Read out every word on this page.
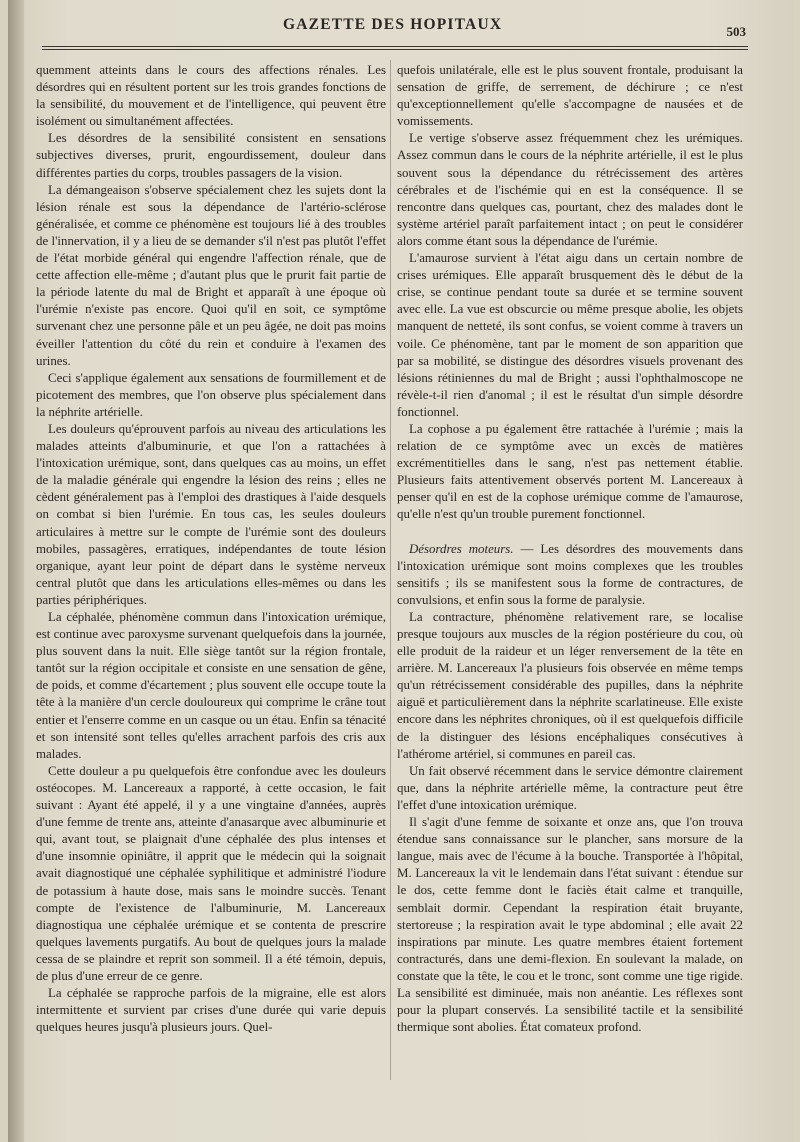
GAZETTE DES HOPITAUX	503

quemment atteints dans le cours des affections rénales. Les désordres qui en résultent portent sur les trois grandes fonctions de la sensibilité, du mouvement et de l'intelligence, qui peuvent être isolément ou simultanément affectées.

Les désordres de la sensibilité consistent en sensations subjectives diverses, prurit, engourdissement, douleur dans différentes parties du corps, troubles passagers de la vision.

La démangeaison s'observe spécialement chez les sujets dont la lésion rénale est sous la dépendance de l'artério-sclérose généralisée, et comme ce phénomène est toujours lié à des troubles de l'innervation, il y a lieu de se demander s'il n'est pas plutôt l'effet de l'état morbide général qui engendre l'affection rénale, que de cette affection elle-même ; d'autant plus que le prurit fait partie de la période latente du mal de Bright et apparaît à une époque où l'urémie n'existe pas encore. Quoi qu'il en soit, ce symptôme survenant chez une personne pâle et un peu âgée, ne doit pas moins éveiller l'attention du côté du rein et conduire à l'examen des urines.

Ceci s'applique également aux sensations de fourmillement et de picotement des membres, que l'on observe plus spécialement dans la néphrite artérielle.

Les douleurs qu'éprouvent parfois au niveau des articulations les malades atteints d'albuminurie, et que l'on a rattachées à l'intoxication urémique, sont, dans quelques cas au moins, un effet de la maladie générale qui engendre la lésion des reins ; elles ne cèdent généralement pas à l'emploi des drastiques à l'aide desquels on combat si bien l'urémie. En tous cas, les seules douleurs articulaires à mettre sur le compte de l'urémie sont des douleurs mobiles, passagères, erratiques, indépendantes de toute lésion organique, ayant leur point de départ dans le système nerveux central plutôt que dans les articulations elles-mêmes ou dans les parties périphériques.

La céphalée, phénomène commun dans l'intoxication urémique, est continue avec paroxysme survenant quelquefois dans la journée, plus souvent dans la nuit. Elle siège tantôt sur la région frontale, tantôt sur la région occipitale et consiste en une sensation de gêne, de poids, et comme d'écartement ; plus souvent elle occupe toute la tête à la manière d'un cercle douloureux qui comprime le crâne tout entier et l'enserre comme en un casque ou un étau. Enfin sa ténacité et son intensité sont telles qu'elles arrachent parfois des cris aux malades.

Cette douleur a pu quelquefois être confondue avec les douleurs ostéocopes. M. Lancereaux a rapporté, à cette occasion, le fait suivant : Ayant été appelé, il y a une vingtaine d'années, auprès d'une femme de trente ans, atteinte d'anasarque avec albuminurie et qui, avant tout, se plaignait d'une céphalée des plus intenses et d'une insomnie opiniâtre, il apprit que le médecin qui la soignait avait diagnostiqué une céphalée syphilitique et administré l'iodure de potassium à haute dose, mais sans le moindre succès. Tenant compte de l'existence de l'albuminurie, M. Lancereaux diagnostiqua une céphalée urémique et se contenta de prescrire quelques lavements purgatifs. Au bout de quelques jours la malade cessa de se plaindre et reprit son sommeil. Il a été témoin, depuis, de plus d'une erreur de ce genre.

La céphalée se rapproche parfois de la migraine, elle est alors intermittente et survient par crises d'une durée qui varie depuis quelques heures jusqu'à plusieurs jours. Quel-

quefois unilatérale, elle est le plus souvent frontale, produisant la sensation de griffe, de serrement, de déchirure ; ce n'est qu'exceptionnellement qu'elle s'accompagne de nausées et de vomissements.

Le vertige s'observe assez fréquemment chez les urémiques. Assez commun dans le cours de la néphrite artérielle, il est le plus souvent sous la dépendance du rétrécissement des artères cérébrales et de l'ischémie qui en est la conséquence. Il se rencontre dans quelques cas, pourtant, chez des malades dont le système artériel paraît parfaitement intact ; on peut le considérer alors comme étant sous la dépendance de l'urémie.

L'amaurose survient à l'état aigu dans un certain nombre de crises urémiques. Elle apparaît brusquement dès le début de la crise, se continue pendant toute sa durée et se termine souvent avec elle. La vue est obscurcie ou même presque abolie, les objets manquent de netteté, ils sont confus, se voient comme à travers un voile. Ce phénomène, tant par le moment de son apparition que par sa mobilité, se distingue des désordres visuels provenant des lésions rétiniennes du mal de Bright ; aussi l'ophthalmoscope ne révèle-t-il rien d'anomal ; il est le résultat d'un simple désordre fonctionnel.

La cophose a pu également être rattachée à l'urémie ; mais la relation de ce symptôme avec un excès de matières excrémentitielles dans le sang, n'est pas nettement établie. Plusieurs faits attentivement observés portent M. Lancereaux à penser qu'il en est de la cophose urémique comme de l'amaurose, qu'elle n'est qu'un trouble purement fonctionnel.

Désordres moteurs. — Les désordres des mouvements dans l'intoxication urémique sont moins complexes que les troubles sensitifs ; ils se manifestent sous la forme de contractures, de convulsions, et enfin sous la forme de paralysie.

La contracture, phénomène relativement rare, se localise presque toujours aux muscles de la région postérieure du cou, où elle produit de la raideur et un léger renversement de la tête en arrière. M. Lancereaux l'a plusieurs fois observée en même temps qu'un rétrécissement considérable des pupilles, dans la néphrite aiguë et particulièrement dans la néphrite scarlatineuse. Elle existe encore dans les néphrites chroniques, où il est quelquefois difficile de la distinguer des lésions encéphaliques consécutives à l'athérome artériel, si communes en pareil cas.

Un fait observé récemment dans le service démontre clairement que, dans la néphrite artérielle même, la contracture peut être l'effet d'une intoxication urémique.

Il s'agit d'une femme de soixante et onze ans, que l'on trouva étendue sans connaissance sur le plancher, sans morsure de la langue, mais avec de l'écume à la bouche. Transportée à l'hôpital, M. Lancereaux la vit le lendemain dans l'état suivant : étendue sur le dos, cette femme dont le faciès était calme et tranquille, semblait dormir. Cependant la respiration était bruyante, stertoreuse ; la respiration avait le type abdominal ; elle avait 22 inspirations par minute. Les quatre membres étaient fortement contracturés, dans une demi-flexion. En soulevant la malade, on constate que la tête, le cou et le tronc, sont comme une tige rigide. La sensibilité est diminuée, mais non anéantie. Les réflexes sont pour la plupart conservés. La sensibilité tactile et la sensibilité thermique sont abolies. État comateux profond.
